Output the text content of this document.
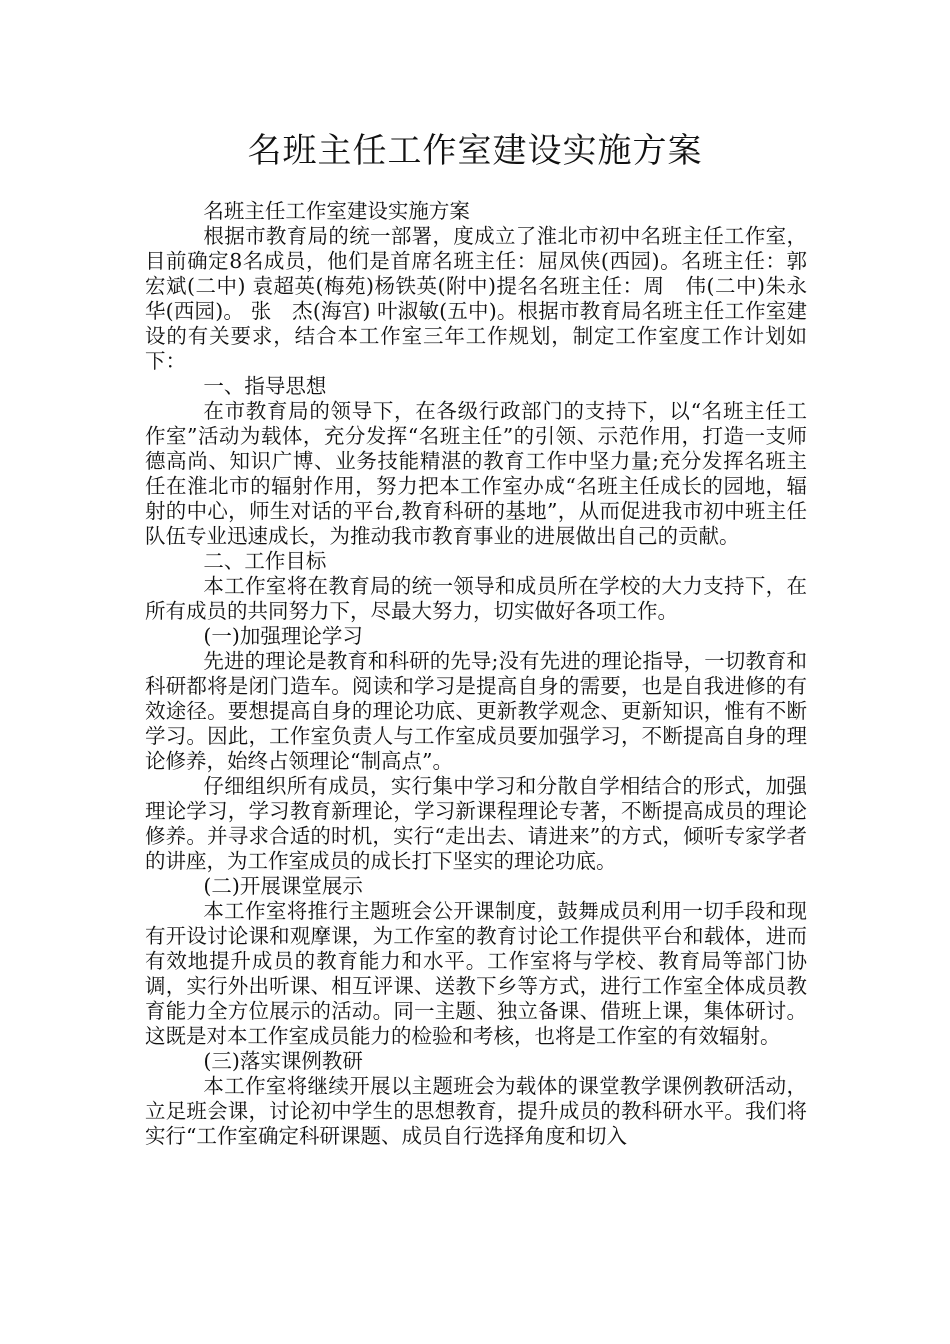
名班主任工作室建设实施方案

名班主任工作室建设实施方案

根据市教育局的统一部署，度成立了淮北市初中名班主任工作室，目前确定8名成员，他们是首席名班主任：屈凤侠(西园)。名班主任：郭宏斌(二中) 袁超英(梅苑)杨铁英(附中)提名名班主任：周　伟(二中)朱永华(西园)。 张　杰(海宫) 叶淑敏(五中)。根据市教育局名班主任工作室建设的有关要求，结合本工作室三年工作规划，制定工作室度工作计划如下：

一、指导思想

在市教育局的领导下，在各级行政部门的支持下，以“名班主任工作室”活动为载体，充分发挥“名班主任”的引领、示范作用，打造一支师德高尚、知识广博、业务技能精湛的教育工作中坚力量;充分发挥名班主任在淮北市的辐射作用，努力把本工作室办成“名班主任成长的园地，辐射的中心，师生对话的平台,教育科研的基地”，从而促进我市初中班主任队伍专业迅速成长，为推动我市教育事业的进展做出自己的贡献。

二、工作目标

本工作室将在教育局的统一领导和成员所在学校的大力支持下，在所有成员的共同努力下，尽最大努力，切实做好各项工作。

(一)加强理论学习

先进的理论是教育和科研的先导;没有先进的理论指导，一切教育和科研都将是闭门造车。阅读和学习是提高自身的需要，也是自我进修的有效途径。要想提高自身的理论功底、更新教学观念、更新知识，惟有不断学习。因此，工作室负责人与工作室成员要加强学习，不断提高自身的理论修养，始终占领理论“制高点”。

仔细组织所有成员，实行集中学习和分散自学相结合的形式，加强理论学习，学习教育新理论，学习新课程理论专著，不断提高成员的理论修养。并寻求合适的时机，实行“走出去、请进来”的方式，倾听专家学者的讲座，为工作室成员的成长打下坚实的理论功底。

(二)开展课堂展示

本工作室将推行主题班会公开课制度，鼓舞成员利用一切手段和现有开设讨论课和观摩课，为工作室的教育讨论工作提供平台和载体，进而有效地提升成员的教育能力和水平。工作室将与学校、教育局等部门协调，实行外出听课、相互评课、送教下乡等方式，进行工作室全体成员教育能力全方位展示的活动。同一主题、独立备课、借班上课，集体研讨。这既是对本工作室成员能力的检验和考核，也将是工作室的有效辐射。

(三)落实课例教研

本工作室将继续开展以主题班会为载体的课堂教学课例教研活动，立足班会课，讨论初中学生的思想教育，提升成员的教科研水平。我们将实行“工作室确定科研课题、成员自行选择角度和切入
